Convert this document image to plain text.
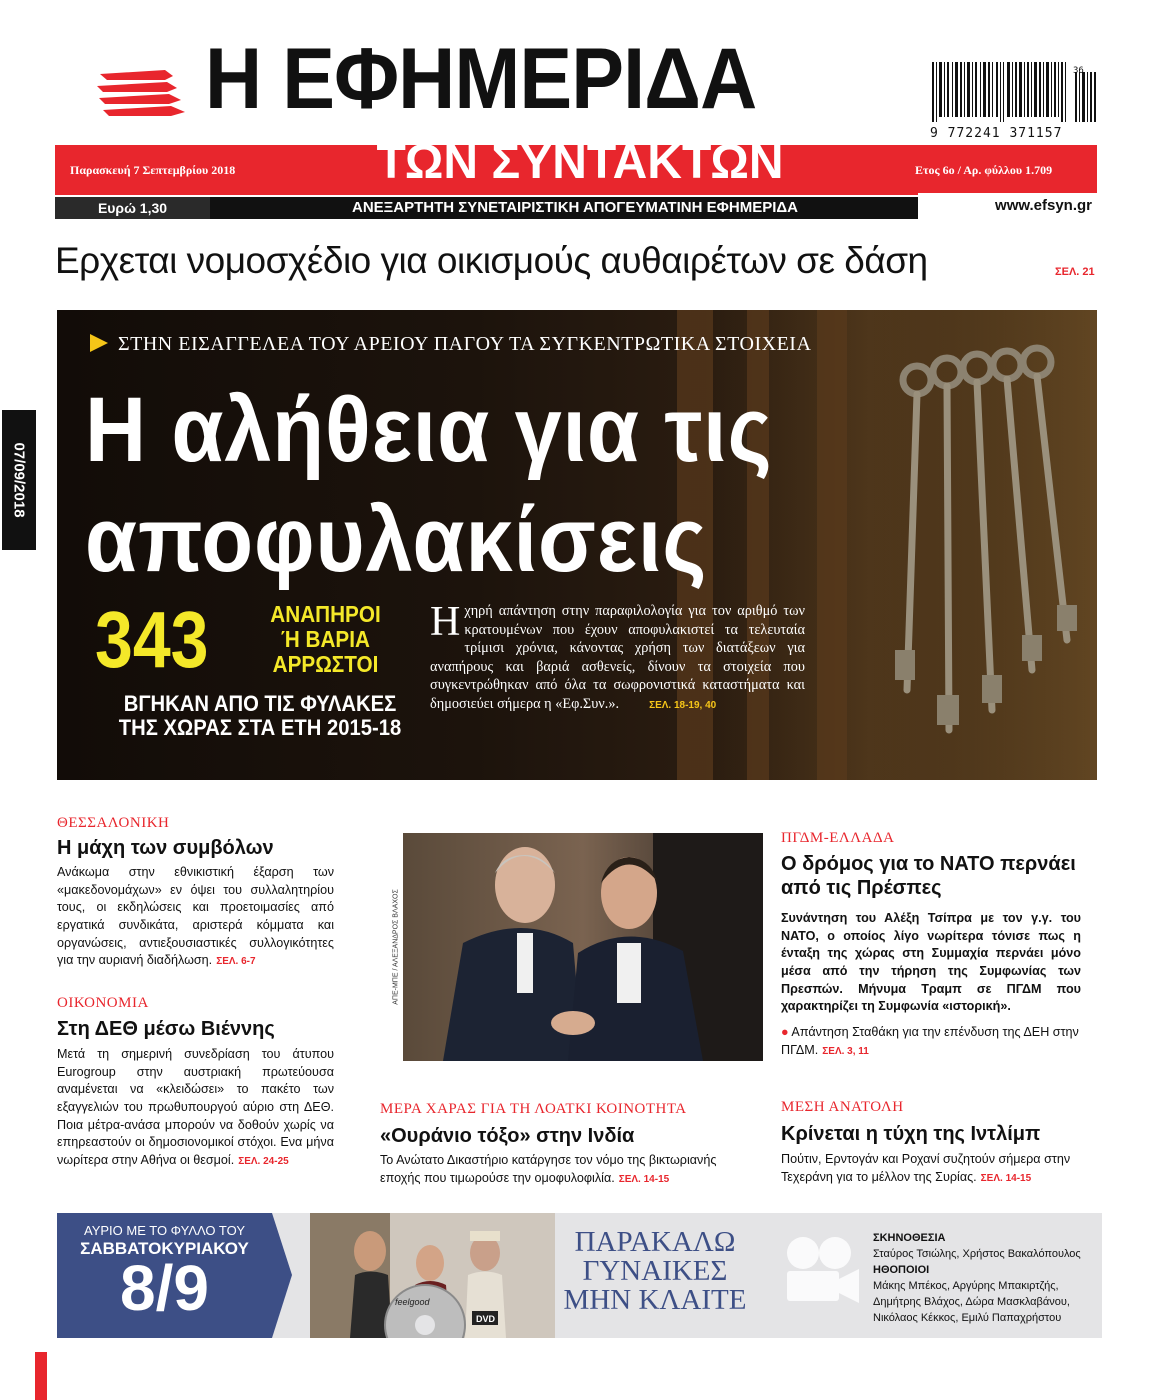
Η ΕΦΗΜΕΡΙΔΑ	36
9 772241 371157
Παρασκευή 7 Σεπτεμβρίου 2018	ΤΩΝ ΣΥΝΤΑΚΤΩΝ	Ετος 6ο / Αρ. φύλλου 1.709
Ευρώ 1,30	ΑΝΕΞΑΡΤΗΤΗ ΣΥΝΕΤΑΙΡΙΣΤΙΚΗ ΑΠΟΓΕΥΜΑΤΙΝΗ ΕΦΗΜΕΡΙΔΑ	www.efsyn.gr
Ερχεται νομοσχέδιο για οικισμούς αυθαιρέτων σε δάση	ΣΕΛ. 21
07/09/2018
ΣΤΗΝ ΕΙΣΑΓΓΕΛΕΑ ΤΟΥ ΑΡΕΙΟΥ ΠΑΓΟΥ ΤΑ ΣΥΓΚΕΝΤΡΩΤΙΚΑ ΣΤΟΙΧΕΙΑ
Η αλήθεια για τις
αποφυλακίσεις
343	ΑΝΑΠΗΡΟΙ
Ή ΒΑΡΙΑ
ΑΡΡΩΣΤΟΙ
ΒΓΗΚΑΝ ΑΠΟ ΤΙΣ ΦΥΛΑΚΕΣ
ΤΗΣ ΧΩΡΑΣ ΣΤΑ ΕΤΗ 2015-18
Ηχηρή απάντηση στην παραφιλολογία για τον αριθμό των κρατουμένων που έχουν αποφυλακιστεί τα τελευταία τρίμισι χρόνια, κάνοντας χρήση των διατάξεων για αναπήρους και βαριά ασθενείς, δίνουν τα στοιχεία που συγκεντρώθηκαν από όλα τα σωφρονιστικά καταστήματα και δημοσιεύει σήμερα η «Εφ.Συν.».	ΣΕΛ. 18-19, 40
ΘΕΣΣΑΛΟΝΙΚΗ
Η μάχη των συμβόλων
Ανάκωμα στην εθνικιστική έξαρση των «μακεδονομάχων» εν όψει του συλλαλητηρίου τους, οι εκδηλώσεις και προετοιμασίες από εργατικά συνδικάτα, αριστερά κόμματα και οργανώσεις, αντιεξουσιαστικές συλλογικότητες για την αυριανή διαδήλωση. ΣΕΛ. 6-7
ΟΙΚΟΝΟΜΙΑ
Στη ΔΕΘ μέσω Βιέννης
Μετά τη σημερινή συνεδρίαση του άτυπου Eurogroup στην αυστριακή πρωτεύουσα αναμένεται να «κλειδώσει» το πακέτο των εξαγγελιών του πρωθυπουργού αύριο στη ΔΕΘ. Ποια μέτρα-ανάσα μπορούν να δοθούν χωρίς να επηρεαστούν οι δημοσιονομικοί στόχοι. Ενα μήνα νωρίτερα στην Αθήνα οι θεσμοί. ΣΕΛ. 24-25
ΑΠΕ-ΜΠΕ / ΑΛΕΞΑΝΔΡΟΣ ΒΛΑΧΟΣ
ΠΓΔΜ-ΕΛΛΑΔΑ
Ο δρόμος για το ΝΑΤΟ περνάει από τις Πρέσπες
Συνάντηση του Αλέξη Τσίπρα με τον γ.γ. του ΝΑΤΟ, ο οποίος λίγο νωρίτερα τόνισε πως η ένταξη της χώρας στη Συμμαχία περνάει μόνο μέσα από την τήρηση της Συμφωνίας των Πρεσπών. Μήνυμα Τραμπ σε ΠΓΔΜ που χαρακτηρίζει τη Συμφωνία «ιστορική».
● Απάντηση Σταθάκη για την επένδυση της ΔΕΗ στην ΠΓΔΜ. ΣΕΛ. 3, 11
ΜΕΡΑ ΧΑΡΑΣ ΓΙΑ ΤΗ ΛΟΑΤΚΙ ΚΟΙΝΟΤΗΤΑ
«Ουράνιο τόξο» στην Ινδία
Το Ανώτατο Δικαστήριο κατάργησε τον νόμο της βικτωριανής εποχής που τιμωρούσε την ομοφυλοφιλία. ΣΕΛ. 14-15
ΜΕΣΗ ΑΝΑΤΟΛΗ
Κρίνεται η τύχη της Ιντλίμπ
Πούτιν, Ερντογάν και Ροχανί συζητούν σήμερα στην Τεχεράνη για το μέλλον της Συρίας. ΣΕΛ. 14-15
ΑΥΡΙΟ ΜΕ ΤΟ ΦΥΛΛΟ ΤΟΥ
ΣΑΒΒΑΤΟΚΥΡΙΑΚΟΥ
8/9	feelgood
DVD
ΠΑΡΑΚΑΛΩ
ΓΥΝΑΙΚΕΣ
ΜΗΝ ΚΛΑΙΤΕ
ΣΚΗΝΟΘΕΣΙΑ
Σταύρος Τσιώλης, Χρήστος Βακαλόπουλος
ΗΘΟΠΟΙΟΙ
Μάκης Μπέκος, Αργύρης Μπακιρτζής,
Δημήτρης Βλάχος, Δώρα Μασκλαβάνου,
Νικόλαος Κέκκος, Εμιλύ Παπαχρήστου
